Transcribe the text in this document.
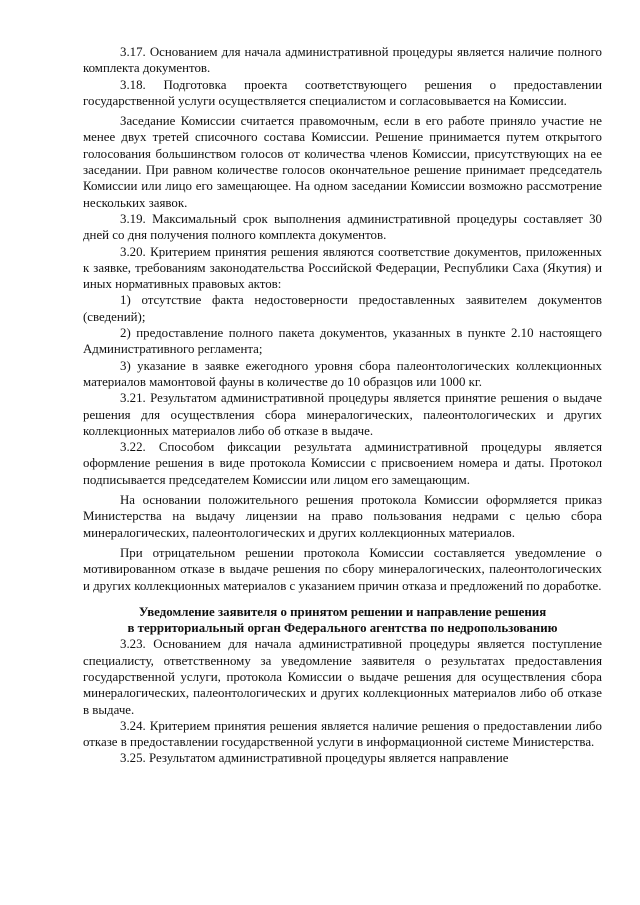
3.17. Основанием для начала административной процедуры является наличие полного комплекта документов.

3.18. Подготовка проекта соответствующего решения о предоставлении государственной услуги осуществляется специалистом и согласовывается на Комиссии.

Заседание Комиссии считается правомочным, если в его работе приняло участие не менее двух третей списочного состава Комиссии. Решение принимается путем открытого голосования большинством голосов от количества членов Комиссии, присутствующих на ее заседании. При равном количестве голосов окончательное решение принимает председатель Комиссии или лицо его замещающее. На одном заседании Комиссии возможно рассмотрение нескольких заявок.

3.19. Максимальный срок выполнения административной процедуры составляет 30 дней со дня получения полного комплекта документов.

3.20. Критерием принятия решения являются соответствие документов, приложенных к заявке, требованиям законодательства Российской Федерации, Республики Саха (Якутия) и иных нормативных правовых актов:

1) отсутствие факта недостоверности предоставленных заявителем документов (сведений);

2) предоставление полного пакета документов, указанных в пункте 2.10 настоящего Административного регламента;

3) указание в заявке ежегодного уровня сбора палеонтологических коллекционных материалов мамонтовой фауны в количестве до 10 образцов или 1000 кг.

3.21. Результатом административной процедуры является принятие решения о выдаче решения для осуществления сбора минералогических, палеонтологических и других коллекционных материалов либо об отказе в выдаче.

3.22. Способом фиксации результата административной процедуры является оформление решения в виде протокола Комиссии с присвоением номера и даты. Протокол подписывается председателем Комиссии или лицом его замещающим.

На основании положительного решения протокола Комиссии оформляется приказ Министерства на выдачу лицензии на право пользования недрами с целью сбора минералогических, палеонтологических и других коллекционных материалов.

При отрицательном решении протокола Комиссии составляется уведомление о мотивированном отказе в выдаче решения по сбору минералогических, палеонтологических и других коллекционных материалов с указанием причин отказа и предложений по доработке.

Уведомление заявителя о принятом решении и направление решения
в территориальный орган Федерального агентства по недропользованию

3.23. Основанием для начала административной процедуры является поступление специалисту, ответственному за уведомление заявителя о результатах предоставления государственной услуги, протокола Комиссии о выдаче решения для осуществления сбора минералогических, палеонтологических и других коллекционных материалов либо об отказе в выдаче.

3.24. Критерием принятия решения является наличие решения о предоставлении либо отказе в предоставлении государственной услуги в информационной системе Министерства.

3.25. Результатом административной процедуры является направление
